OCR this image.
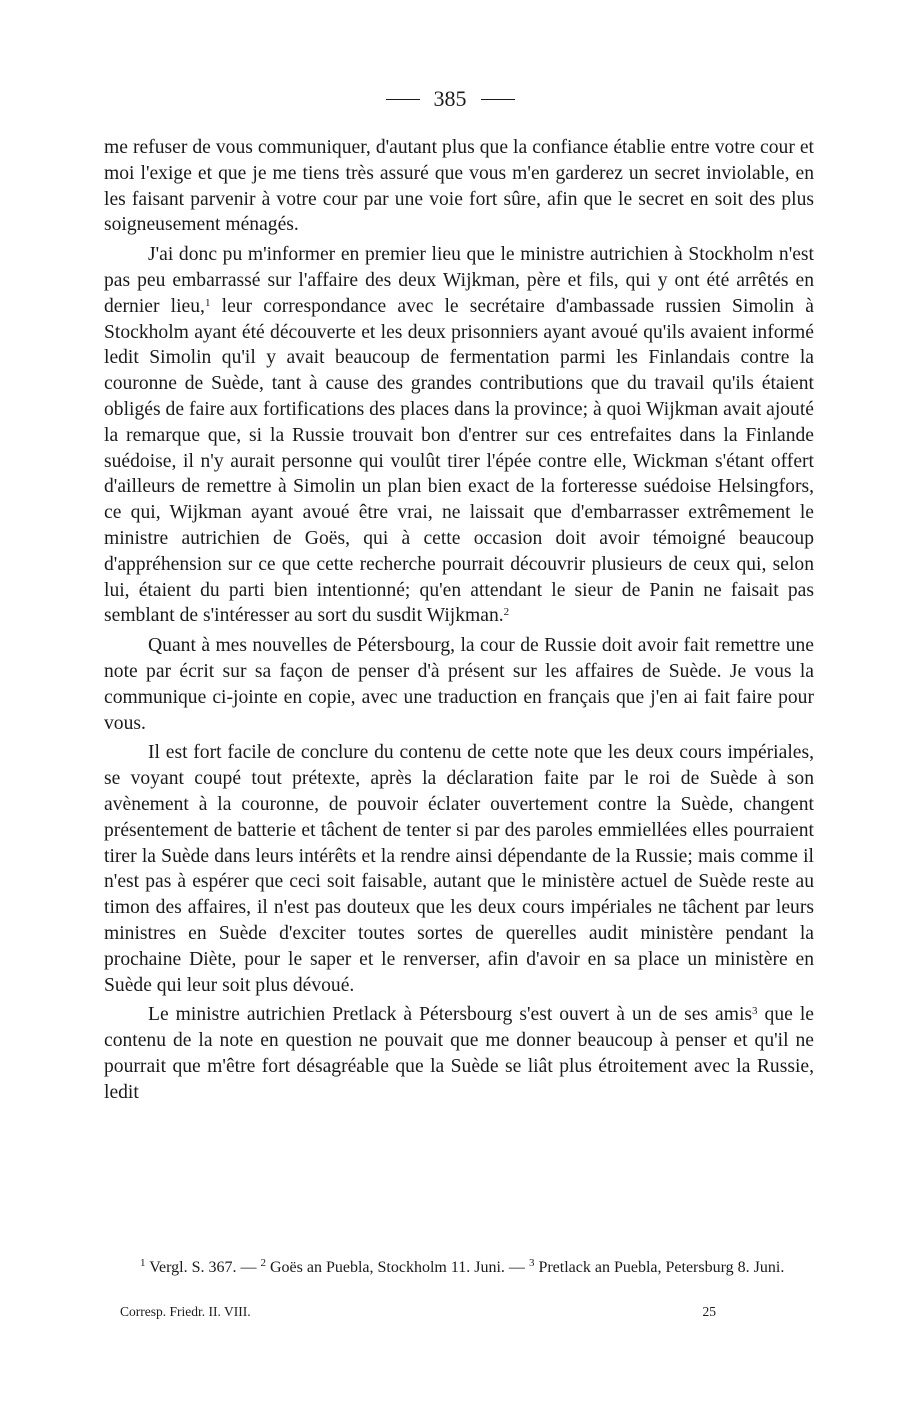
385

me refuser de vous communiquer, d'autant plus que la confiance établie entre votre cour et moi l'exige et que je me tiens très assuré que vous m'en garderez un secret inviolable, en les faisant parvenir à votre cour par une voie fort sûre, afin que le secret en soit des plus soigneusement ménagés.

J'ai donc pu m'informer en premier lieu que le ministre autrichien à Stockholm n'est pas peu embarrassé sur l'affaire des deux Wijkman, père et fils, qui y ont été arrêtés en dernier lieu,$^1$ leur correspondance avec le secrétaire d'ambassade russien Simolin à Stockholm ayant été découverte et les deux prisonniers ayant avoué qu'ils avaient informé ledit Simolin qu'il y avait beaucoup de fermentation parmi les Finlandais contre la couronne de Suède, tant à cause des grandes contributions que du travail qu'ils étaient obligés de faire aux fortifications des places dans la province; à quoi Wijkman avait ajouté la remarque que, si la Russie trouvait bon d'entrer sur ces entrefaites dans la Finlande suédoise, il n'y aurait personne qui voulût tirer l'épée contre elle, Wickman s'étant offert d'ailleurs de remettre à Simolin un plan bien exact de la forteresse suédoise Helsingfors, ce qui, Wijkman ayant avoué être vrai, ne laissait que d'embarrasser extrêmement le ministre autrichien de Goës, qui à cette occasion doit avoir témoigné beaucoup d'appréhension sur ce que cette recherche pourrait découvrir plusieurs de ceux qui, selon lui, étaient du parti bien intentionné; qu'en attendant le sieur de Panin ne faisait pas semblant de s'intéresser au sort du susdit Wijkman.$^2$

Quant à mes nouvelles de Pétersbourg, la cour de Russie doit avoir fait remettre une note par écrit sur sa façon de penser d'à présent sur les affaires de Suède. Je vous la communique ci-jointe en copie, avec une traduction en français que j'en ai fait faire pour vous.

Il est fort facile de conclure du contenu de cette note que les deux cours impériales, se voyant coupé tout prétexte, après la déclaration faite par le roi de Suède à son avènement à la couronne, de pouvoir éclater ouvertement contre la Suède, changent présentement de batterie et tâchent de tenter si par des paroles emmiellées elles pourraient tirer la Suède dans leurs intérêts et la rendre ainsi dépendante de la Russie; mais comme il n'est pas à espérer que ceci soit faisable, autant que le ministère actuel de Suède reste au timon des affaires, il n'est pas douteux que les deux cours impériales ne tâchent par leurs ministres en Suède d'exciter toutes sortes de querelles audit ministère pendant la prochaine Diète, pour le saper et le renverser, afin d'avoir en sa place un ministère en Suède qui leur soit plus dévoué.

Le ministre autrichien Pretlack à Pétersbourg s'est ouvert à un de ses amis$^3$ que le contenu de la note en question ne pouvait que me donner beaucoup à penser et qu'il ne pourrait que m'être fort désagréable que la Suède se liât plus étroitement avec la Russie, ledit

$^1$ Vergl. S. 367. — $^2$ Goës an Puebla, Stockholm 11. Juni. — $^3$ Pretlack an Puebla, Petersburg 8. Juni.
Corresp. Friedr. II. VIII.	25
